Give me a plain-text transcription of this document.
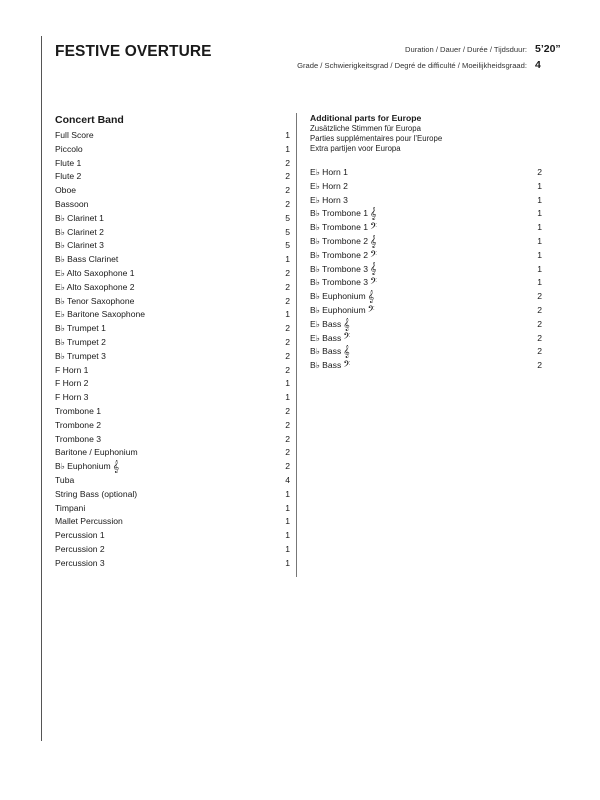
FESTIVE OVERTURE	Duration / Dauer / Durée / Tijdsduur: 5’20”
Grade / Schwierigkeitsgrad / Degré de difficulté / Moeilijkheidsgraad: 4
Concert Band
Full Score	1
Piccolo	1
Flute 1	2
Flute 2	2
Oboe	2
Bassoon	2
B♭ Clarinet 1	5
B♭ Clarinet 2	5
B♭ Clarinet 3	5
B♭ Bass Clarinet	1
E♭ Alto Saxophone 1	2
E♭ Alto Saxophone 2	2
B♭ Tenor Saxophone	2
E♭ Baritone Saxophone	1
B♭ Trumpet 1	2
B♭ Trumpet 2	2
B♭ Trumpet 3	2
F Horn 1	2
F Horn 2	1
F Horn 3	1
Trombone 1	2
Trombone 2	2
Trombone 3	2
Baritone / Euphonium	2
B♭ Euphonium 𝄞	2
Tuba	4
String Bass (optional)	1
Timpani	1
Mallet Percussion	1
Percussion 1	1
Percussion 2	1
Percussion 3	1
Additional parts for Europe
Zusätzliche Stimmen für Europa
Parties supplémentaires pour l’Europe
Extra partijen voor Europa
E♭ Horn 1	2
E♭ Horn 2	1
E♭ Horn 3	1
B♭ Trombone 1 𝄞	1
B♭ Trombone 1 𝄢	1
B♭ Trombone 2 𝄞	1
B♭ Trombone 2 𝄢	1
B♭ Trombone 3 𝄞	1
B♭ Trombone 3 𝄢	1
B♭ Euphonium 𝄞	2
B♭ Euphonium 𝄢	2
E♭ Bass 𝄞	2
E♭ Bass 𝄢	2
B♭ Bass 𝄞	2
B♭ Bass 𝄢	2
